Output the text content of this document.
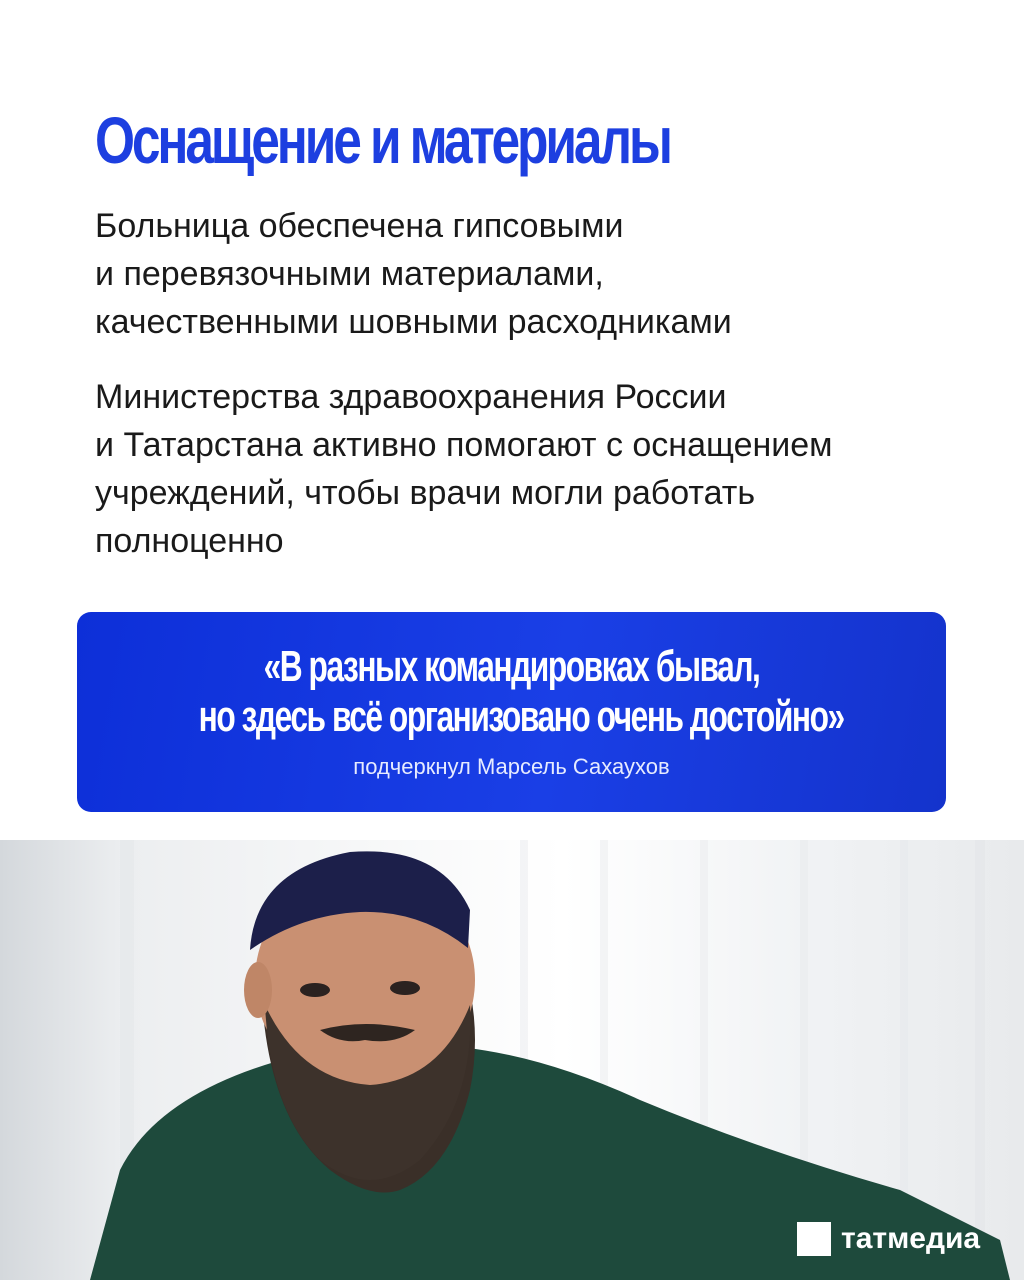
Оснащение и материалы

Больница обеспечена гипсовыми
и перевязочными материалами,
качественными шовными расходниками

Министерства здравоохранения России
и Татарстана активно помогают с оснащением
учреждений, чтобы врачи могли работать
полноценно

«В разных командировках бывал,
но здесь всё организовано очень достойно»
подчеркнул Марсель Сахаухов
татмедиа
